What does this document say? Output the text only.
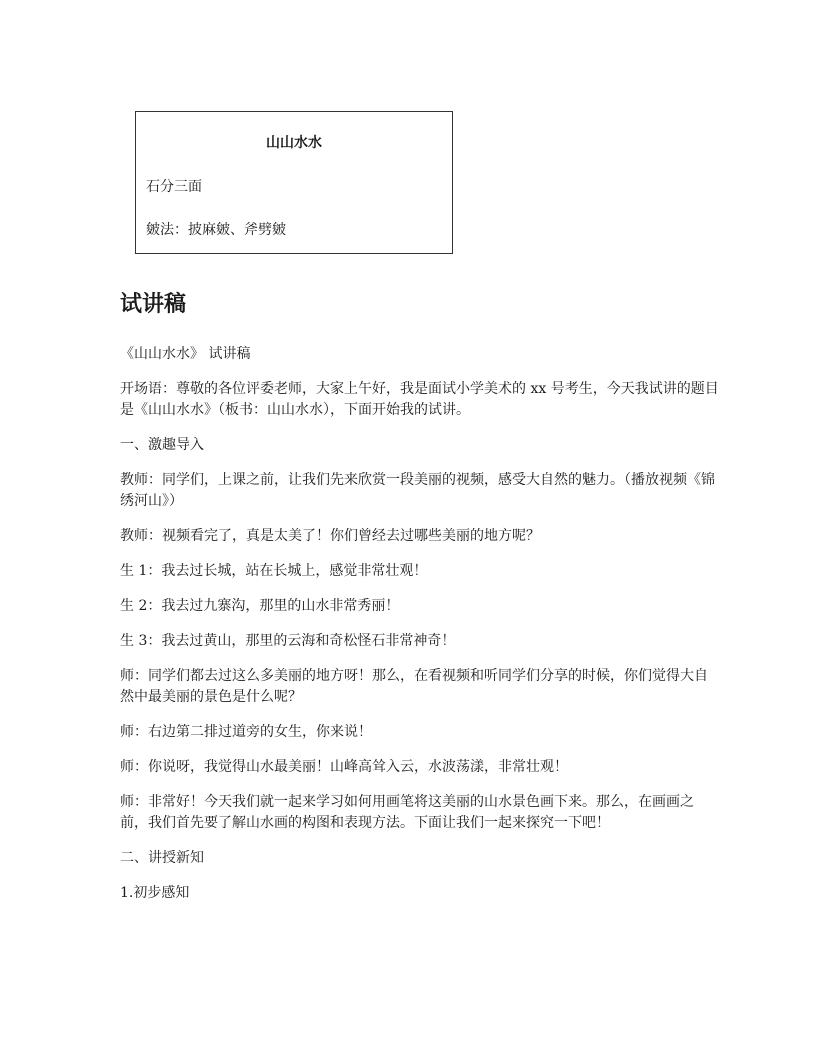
山山水水
石分三面
皴法：披麻皴、斧劈皴
试讲稿

《山山水水》 试讲稿

开场语：尊敬的各位评委老师，大家上午好，我是面试小学美术的 xx 号考生，今天我试讲的题目是《山山水水》（板书：山山水水），下面开始我的试讲。

一、激趣导入

教师：同学们，上课之前，让我们先来欣赏一段美丽的视频，感受大自然的魅力。（播放视频《锦绣河山》）

教师：视频看完了，真是太美了！你们曾经去过哪些美丽的地方呢？

生 1：我去过长城，站在长城上，感觉非常壮观！

生 2：我去过九寨沟，那里的山水非常秀丽！

生 3：我去过黄山，那里的云海和奇松怪石非常神奇！

师：同学们都去过这么多美丽的地方呀！那么，在看视频和听同学们分享的时候，你们觉得大自然中最美丽的景色是什么呢？

师：右边第二排过道旁的女生，你来说！

师：你说呀，我觉得山水最美丽！山峰高耸入云，水波荡漾，非常壮观！

师：非常好！今天我们就一起来学习如何用画笔将这美丽的山水景色画下来。那么，在画画之前，我们首先要了解山水画的构图和表现方法。下面让我们一起来探究一下吧！

二、讲授新知

1.初步感知
